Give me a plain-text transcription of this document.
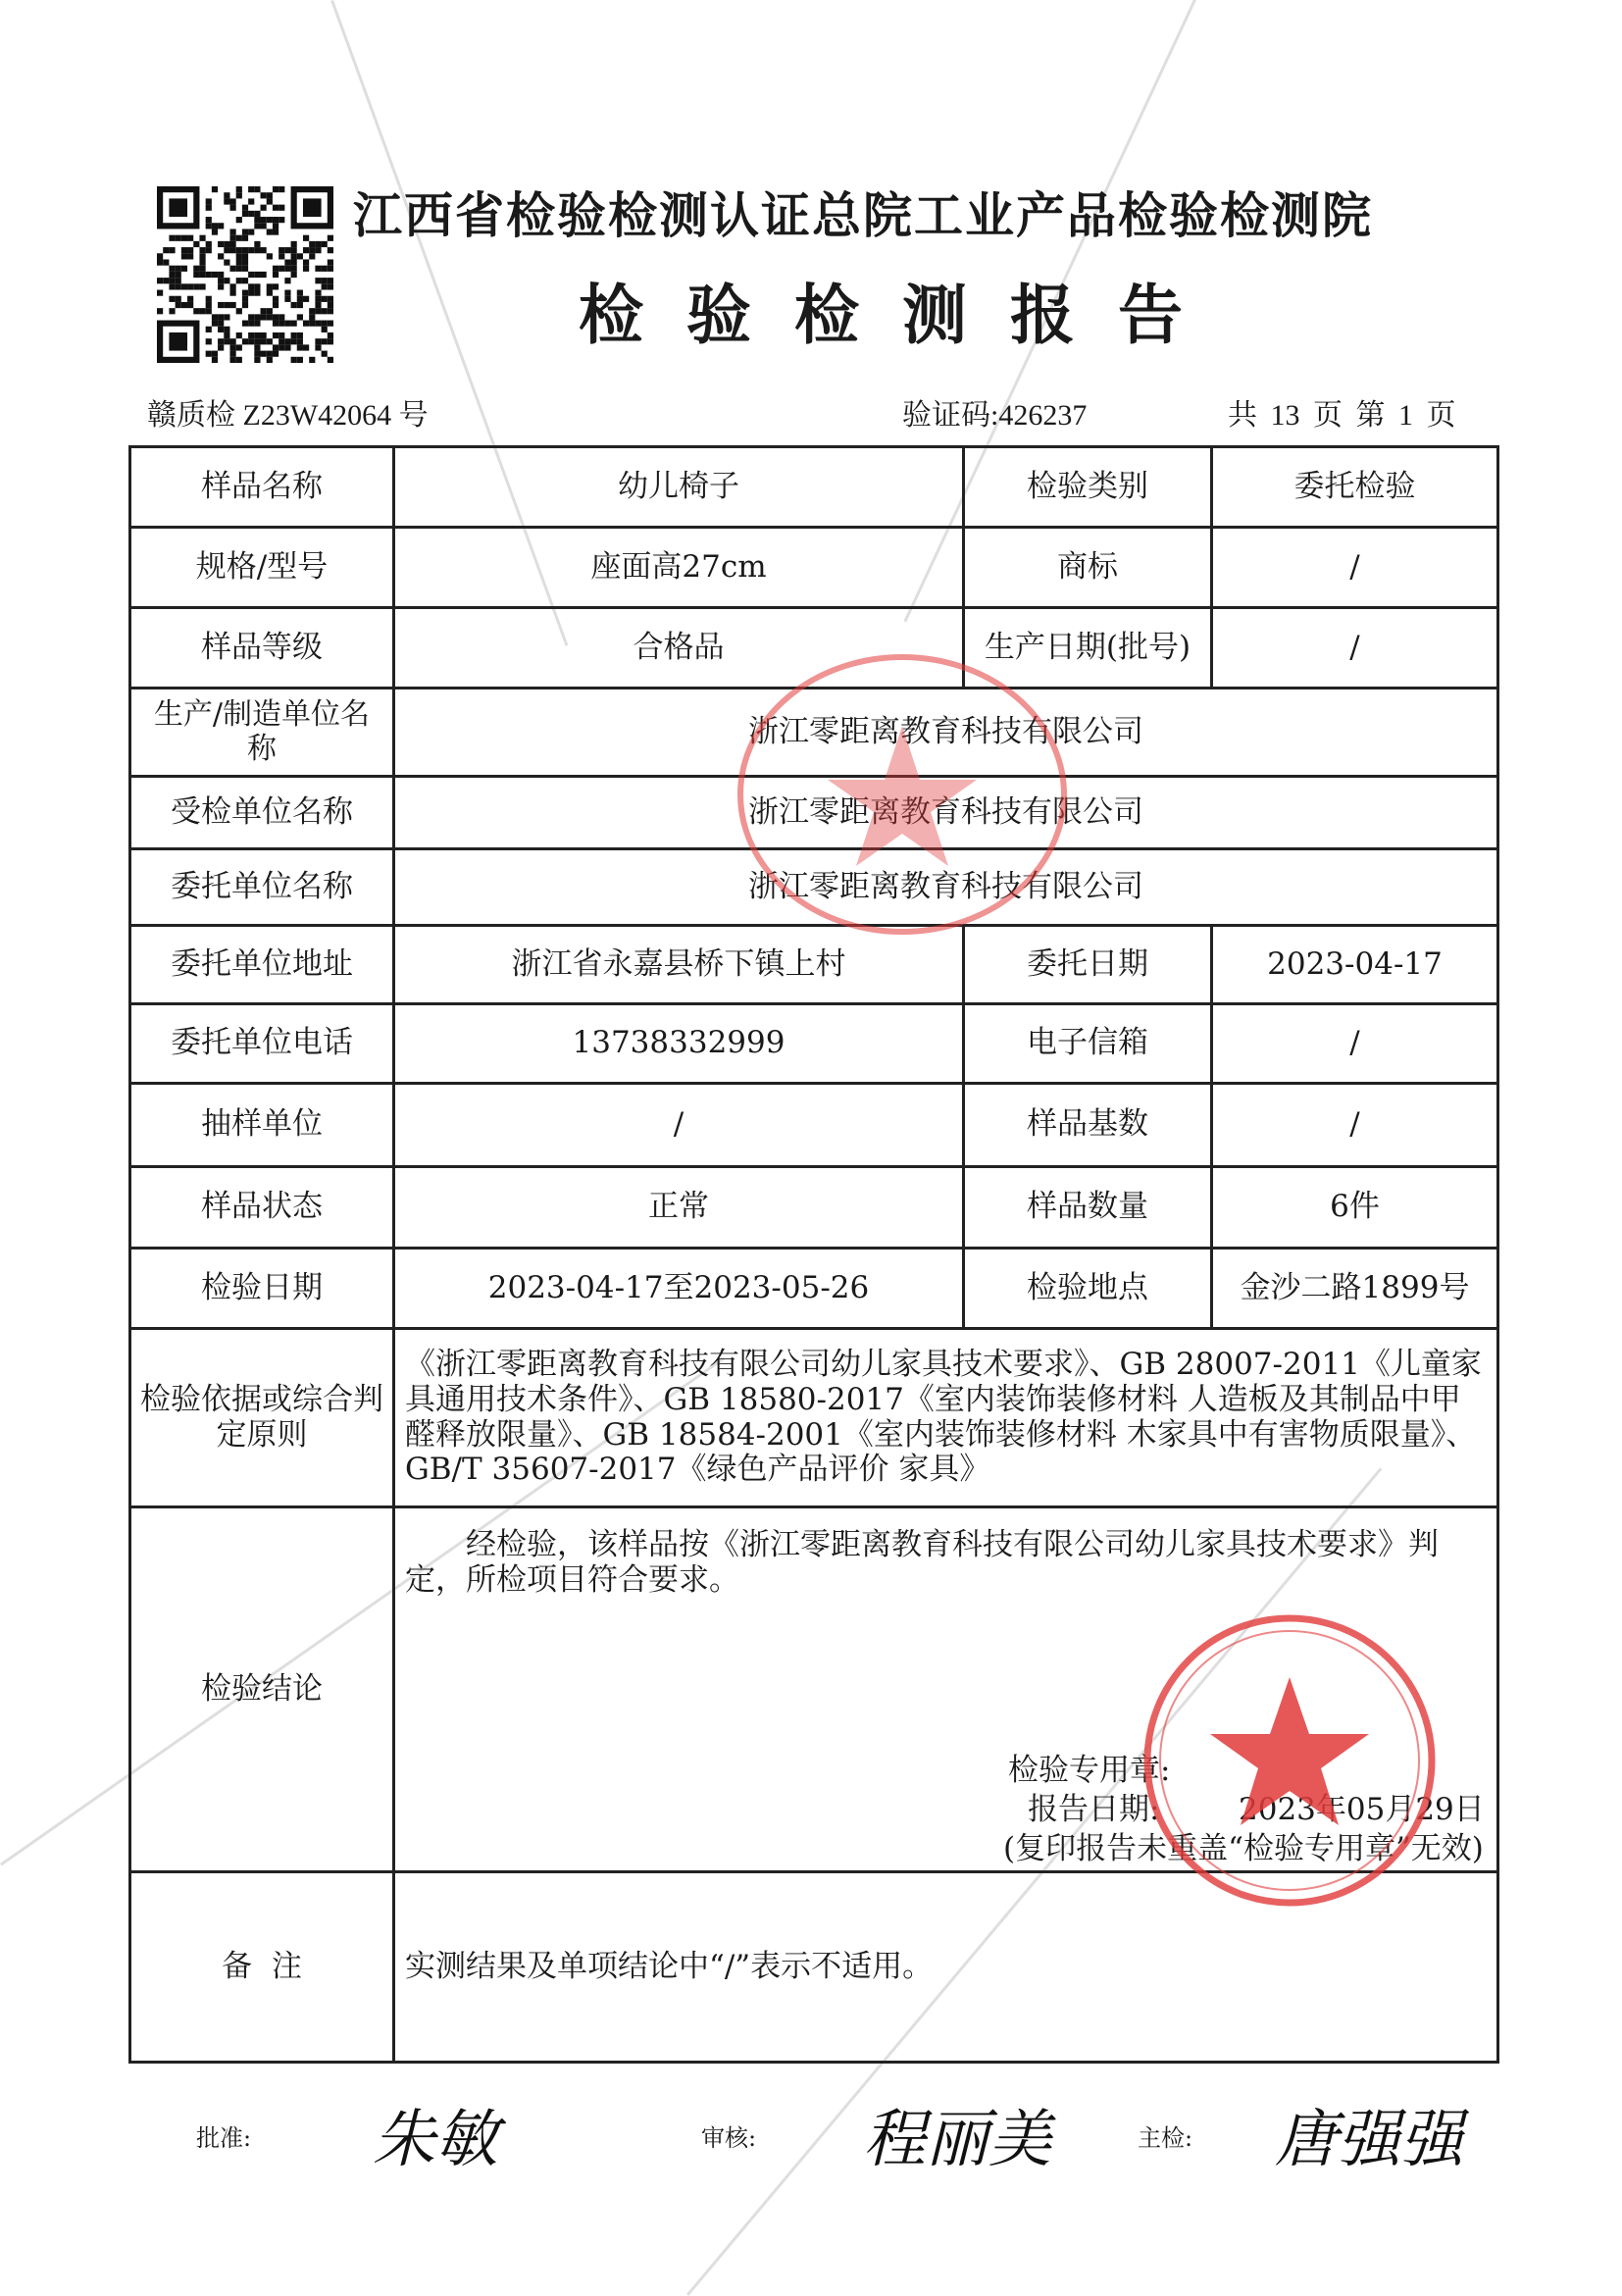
江西省检验检测认证总院工业产品检验检测院
检验检测报告
赣质检 Z23W42064 号	验证码:426237	共 13 页 第 1 页
样品名称	幼儿椅子	检验类别	委托检验
规格/型号	座面高27cm	商标	/
样品等级	合格品	生产日期(批号)	/
生产/制造单位名称	浙江零距离教育科技有限公司		
受检单位名称	浙江零距离教育科技有限公司		
委托单位名称	浙江零距离教育科技有限公司		
委托单位地址	浙江省永嘉县桥下镇上村	委托日期	2023-04-17
委托单位电话	13738332999	电子信箱	/
抽样单位	/	样品基数	/
样品状态	正常	样品数量	6件
检验日期	2023-04-17至2023-05-26	检验地点	金沙二路1899号
检验依据或综合判定原则	《浙江零距离教育科技有限公司幼儿家具技术要求》、GB 28007-2011《儿童家具通用技术条件》、GB 18580-2017《室内装饰装修材料 人造板及其制品中甲醛释放限量》、GB 18584-2001《室内装饰装修材料 木家具中有害物质限量》、GB/T 35607-2017《绿色产品评价 家具》		
检验结论	经检验，该样品按《浙江零距离教育科技有限公司幼儿家具技术要求》判定，所检项目符合要求。
检验专用章:
报告日期: 2023年05月29日
(复印报告未重盖“检验专用章”无效)		

备  注	实测结果及单项结论中“/”表示不适用。		
批准: 朱敏	审核: 程丽美	主检: 唐强强
